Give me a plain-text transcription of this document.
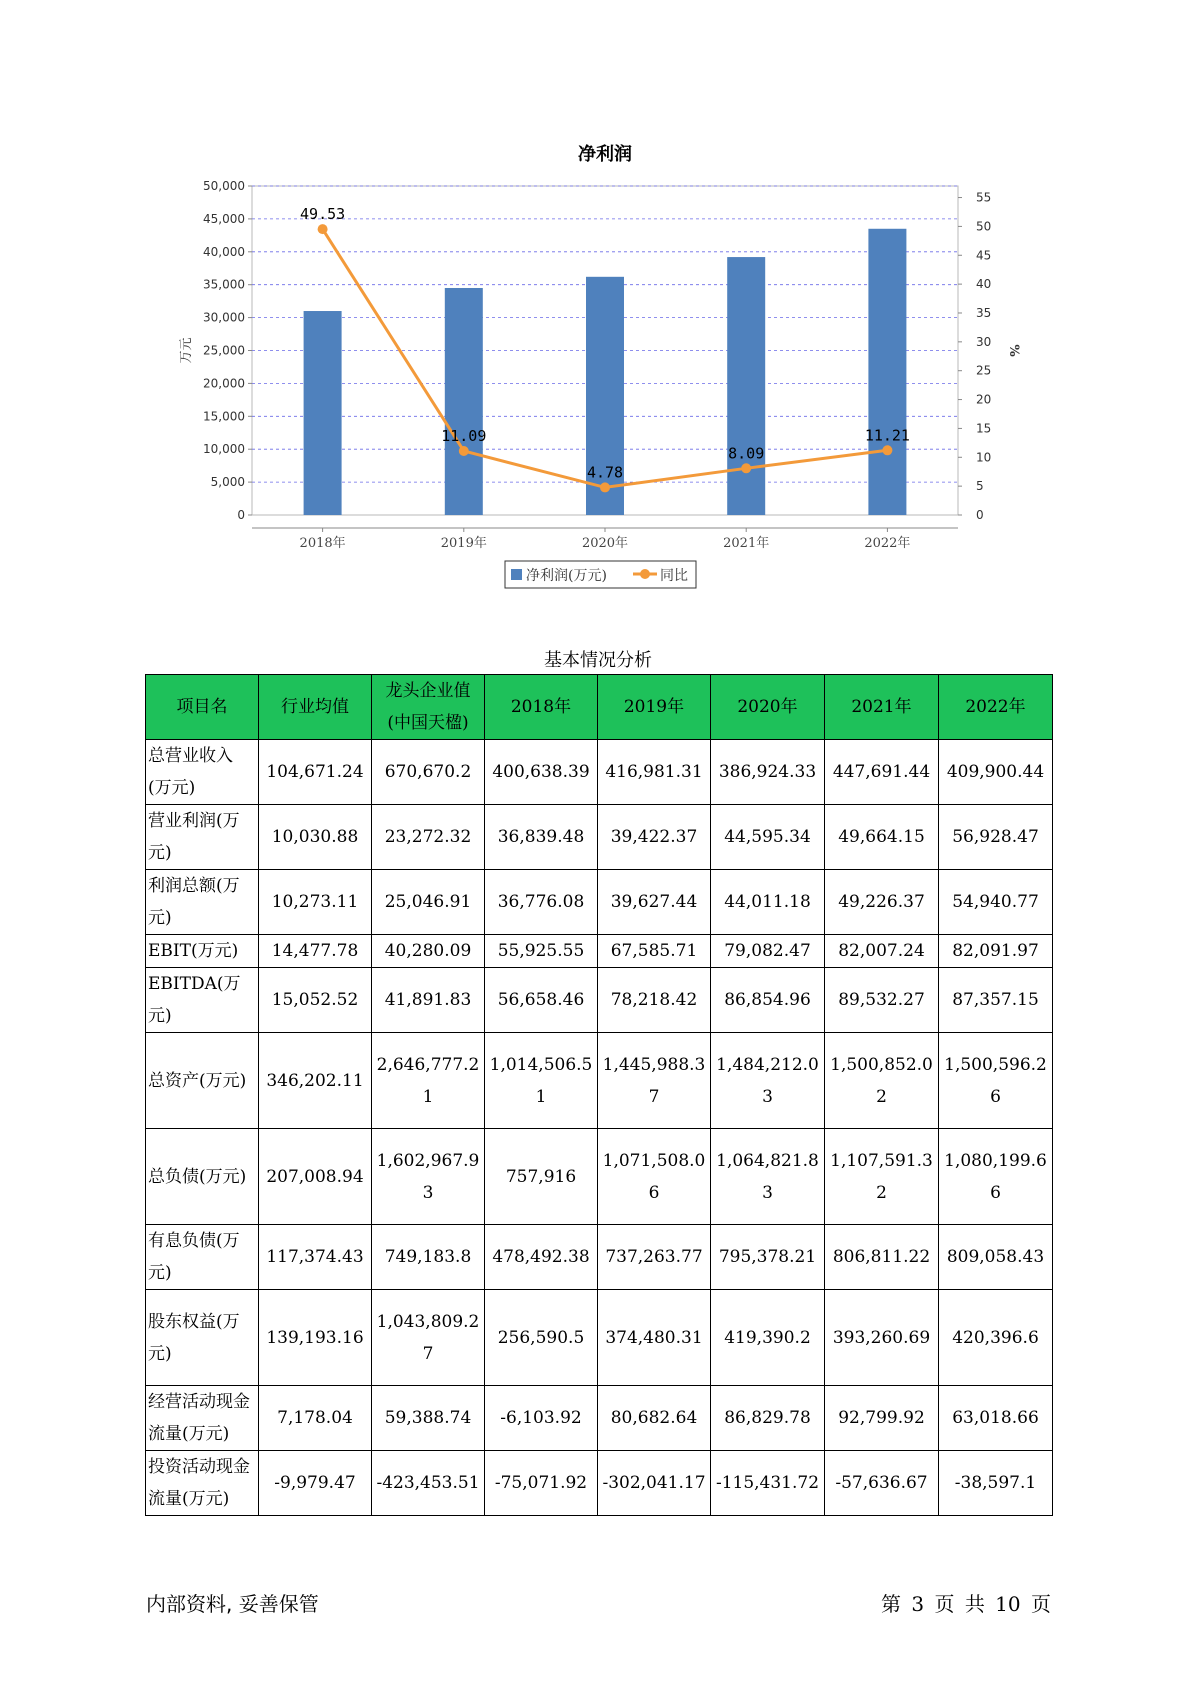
净利润
0
5,000
10,000
15,000
20,000
25,000
30,000
35,000
40,000
45,000
50,000
0
5
10
15
20
25
30
35
40
45
50
55
万元	%
2018年	2019年	2020年	2021年	2022年
49.53
11.09
4.78
8.09
11.21
净利润(万元)	同比
基本情况分析
项目名	行业均值	龙头企业值(中国天楹)	2018年	2019年	2020年	2021年	2022年
总营业收入(万元)	104,671.24	670,670.2	400,638.39	416,981.31	386,924.33	447,691.44	409,900.44
营业利润(万元)	10,030.88	23,272.32	36,839.48	39,422.37	44,595.34	49,664.15	56,928.47
利润总额(万元)	10,273.11	25,046.91	36,776.08	39,627.44	44,011.18	49,226.37	54,940.77
EBIT(万元)	14,477.78	40,280.09	55,925.55	67,585.71	79,082.47	82,007.24	82,091.97
EBITDA(万元)	15,052.52	41,891.83	56,658.46	78,218.42	86,854.96	89,532.27	87,357.15
总资产(万元)	346,202.11	2,646,777.21	1,014,506.51	1,445,988.37	1,484,212.03	1,500,852.02	1,500,596.26
总负债(万元)	207,008.94	1,602,967.93	757,916	1,071,508.06	1,064,821.83	1,107,591.32	1,080,199.66
有息负债(万元)	117,374.43	749,183.8	478,492.38	737,263.77	795,378.21	806,811.22	809,058.43
股东权益(万元)	139,193.16	1,043,809.27	256,590.5	374,480.31	419,390.2	393,260.69	420,396.6
经营活动现金流量(万元)	7,178.04	59,388.74	-6,103.92	80,682.64	86,829.78	92,799.92	63,018.66
投资活动现金流量(万元)	-9,979.47	-423,453.51	-75,071.92	-302,041.17	-115,431.72	-57,636.67	-38,597.1
内部资料, 妥善保管	第 3 页 共 10 页
